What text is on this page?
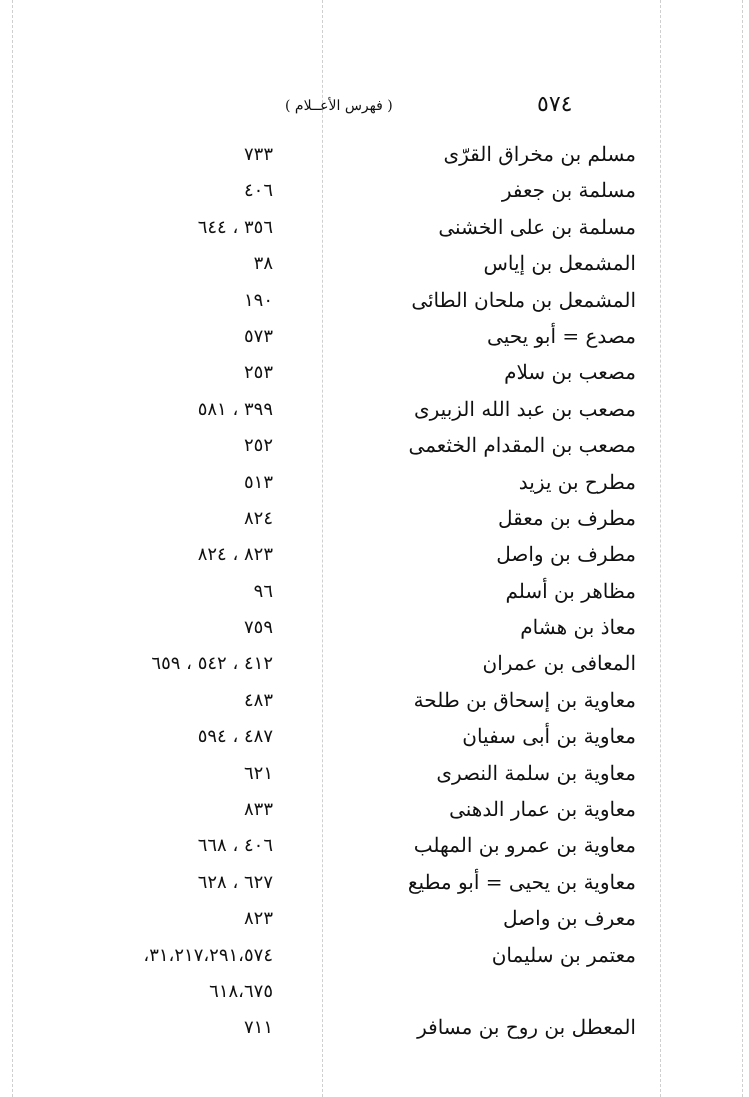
٥٧٤
( فهرس الأعــلام )
مسلم بن مخراق القرّى
٧٣٣
مسلمة بن جعفر
٤٠٦
مسلمة بن على الخشنى
٣٥٦ ، ٦٤٤
المشمعل بن إياس
٣٨
المشمعل بن ملحان الطائى
١٩٠
مصدع = أبو يحيى
٥٧٣
مصعب بن سلام
٢٥٣
مصعب بن عبد الله الزبيرى
٣٩٩ ، ٥٨١
مصعب بن المقدام الخثعمى
٢٥٢
مطرح بن يزيد
٥١٣
مطرف بن معقل
٨٢٤
مطرف بن واصل
٨٢٣ ، ٨٢٤
مظاهر بن أسلم
٩٦
معاذ بن هشام
٧٥٩
المعافى بن عمران
٤١٢ ، ٥٤٢ ، ٦٥٩
معاوية بن إسحاق بن طلحة
٤٨٣
معاوية بن أبى سفيان
٤٨٧ ، ٥٩٤
معاوية بن سلمة النصرى
٦٢١
معاوية بن عمار الدهنى
٨٣٣
معاوية بن عمرو بن المهلب
٤٠٦ ، ٦٦٨
معاوية بن يحيى = أبو مطيع
٦٢٧ ، ٦٢٨
معرف بن واصل
٨٢٣
معتمر بن سليمان
٣١،٢١٧،٢٩١،٥٧٤،
٦١٨،٦٧٥
المعطل بن روح بن مسافر
٧١١
